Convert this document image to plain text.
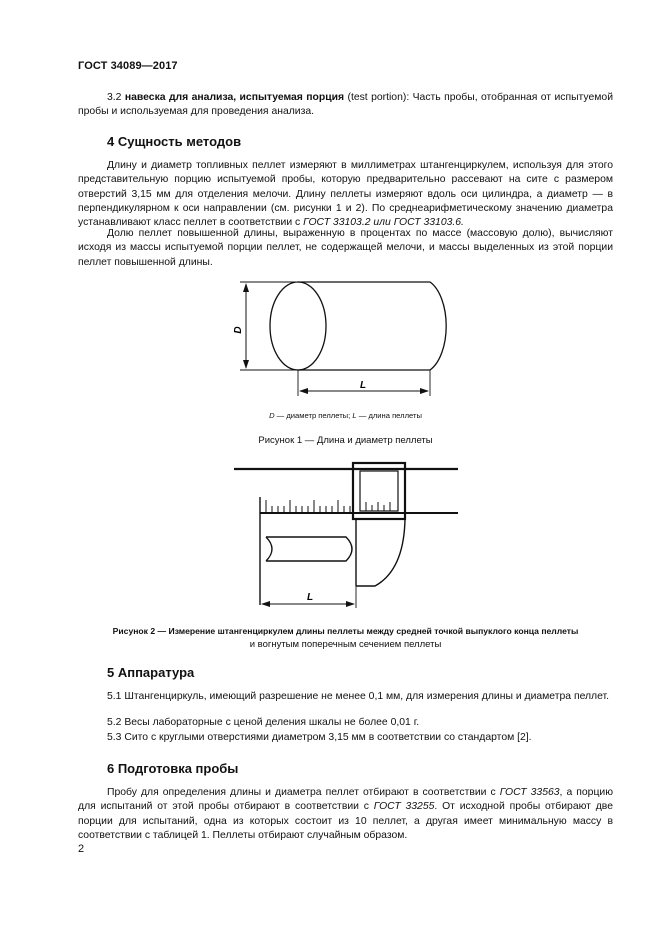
ГОСТ 34089—2017

3.2 навеска для анализа, испытуемая порция (test portion): Часть пробы, отобранная от испытуемой пробы и используемая для проведения анализа.

4 Сущность методов

Длину и диаметр топливных пеллет измеряют в миллиметрах штангенциркулем, используя для этого представительную порцию испытуемой пробы, которую предварительно рассевают на сите с размером отверстий 3,15 мм для отделения мелочи. Длину пеллеты измеряют вдоль оси цилиндра, а диаметр — в перпендикулярном к оси направлении (см. рисунки 1 и 2). По среднеарифметическому значению диаметра устанавливают класс пеллет в соответствии с ГОСТ 33103.2 или ГОСТ 33103.6.

Долю пеллет повышенной длины, выраженную в процентах по массе (массовую долю), вычисляют исходя из массы испытуемой порции пеллет, не содержащей мелочи, и массы выделенных из этой порции пеллет повышенной длины.

D
L

D — диаметр пеллеты; L — длина пеллеты

Рисунок 1 — Длина и диаметр пеллеты

L

Рисунок 2 — Измерение штангенциркулем длины пеллеты между средней точкой выпуклого конца пеллеты

и вогнутым поперечным сечением пеллеты

5 Аппаратура

5.1 Штангенциркуль, имеющий разрешение не менее 0,1 мм, для измерения длины и диаметра пеллет.

5.2 Весы лабораторные с ценой деления шкалы не более 0,01 г.

5.3 Сито с круглыми отверстиями диаметром 3,15 мм в соответствии со стандартом [2].

6 Подготовка пробы

Пробу для определения длины и диаметра пеллет отбирают в соответствии с ГОСТ 33563, а порцию для испытаний от этой пробы отбирают в соответствии с ГОСТ 33255. От исходной пробы отбирают две порции для испытаний, одна из которых состоит из 10 пеллет, а другая имеет минимальную массу в соответствии с таблицей 1. Пеллеты отбирают случайным образом.

2
